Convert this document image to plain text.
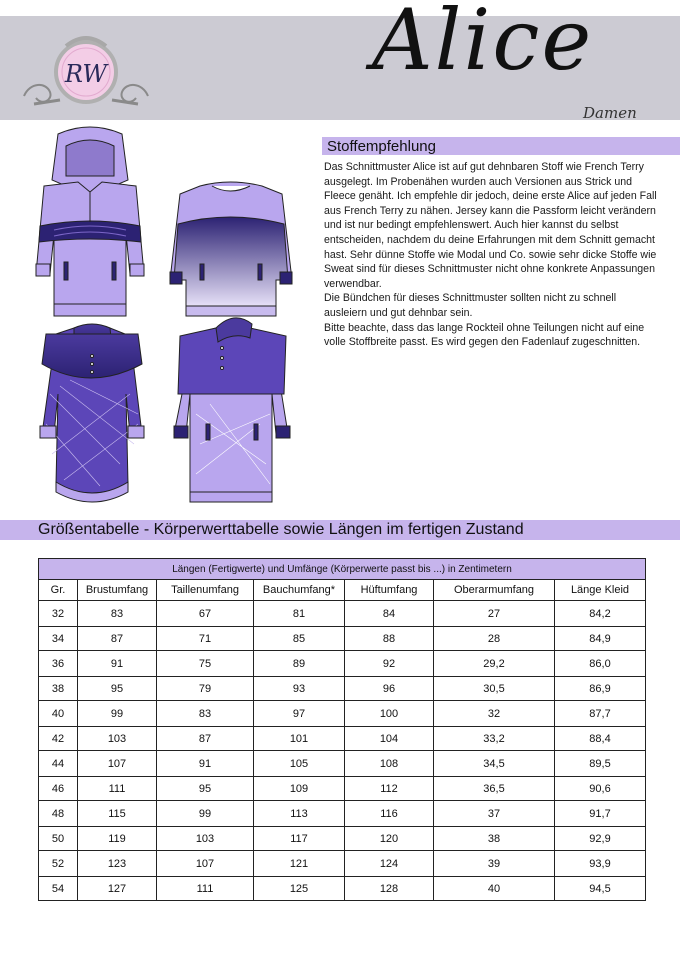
RW	Alice
Damen
Stoffempfehlung

Das Schnittmuster Alice ist auf gut dehnbaren Stoff wie French Terry ausgelegt. Im Probenähen wurden auch Versionen aus Strick und Fleece genäht. Ich empfehle dir jedoch, deine erste Alice auf jeden Fall aus French Terry zu nähen. Jersey kann die Passform leicht verändern und ist nur bedingt empfehlenswert. Auch hier kannst du selbst entscheiden, nachdem du deine Erfahrungen mit dem Schnitt gemacht hast. Sehr dünne Stoffe wie Modal und Co. sowie sehr dicke Stoffe wie Sweat sind für dieses Schnittmuster nicht ohne konkrete Anpassungen verwendbar.

Die Bündchen für dieses Schnittmuster sollten nicht zu schnell ausleiern und gut dehnbar sein.

Bitte beachte, dass das lange Rockteil ohne Teilungen nicht auf eine volle Stoffbreite passt. Es wird gegen den Fadenlauf zugeschnitten.

Größentabelle - Körperwerttabelle sowie Längen im fertigen Zustand
Längen (Fertigwerte) und Umfänge (Körperwerte passt bis ...) in Zentimetern						
Gr.	Brustumfang	Taillenumfang	Bauchumfang*	Hüftumfang	Oberarmumfang	Länge Kleid
32	83	67	81	84	27	84,2
34	87	71	85	88	28	84,9
36	91	75	89	92	29,2	86,0
38	95	79	93	96	30,5	86,9
40	99	83	97	100	32	87,7
42	103	87	101	104	33,2	88,4
44	107	91	105	108	34,5	89,5
46	111	95	109	112	36,5	90,6
48	115	99	113	116	37	91,7
50	119	103	117	120	38	92,9
52	123	107	121	124	39	93,9
54	127	111	125	128	40	94,5
